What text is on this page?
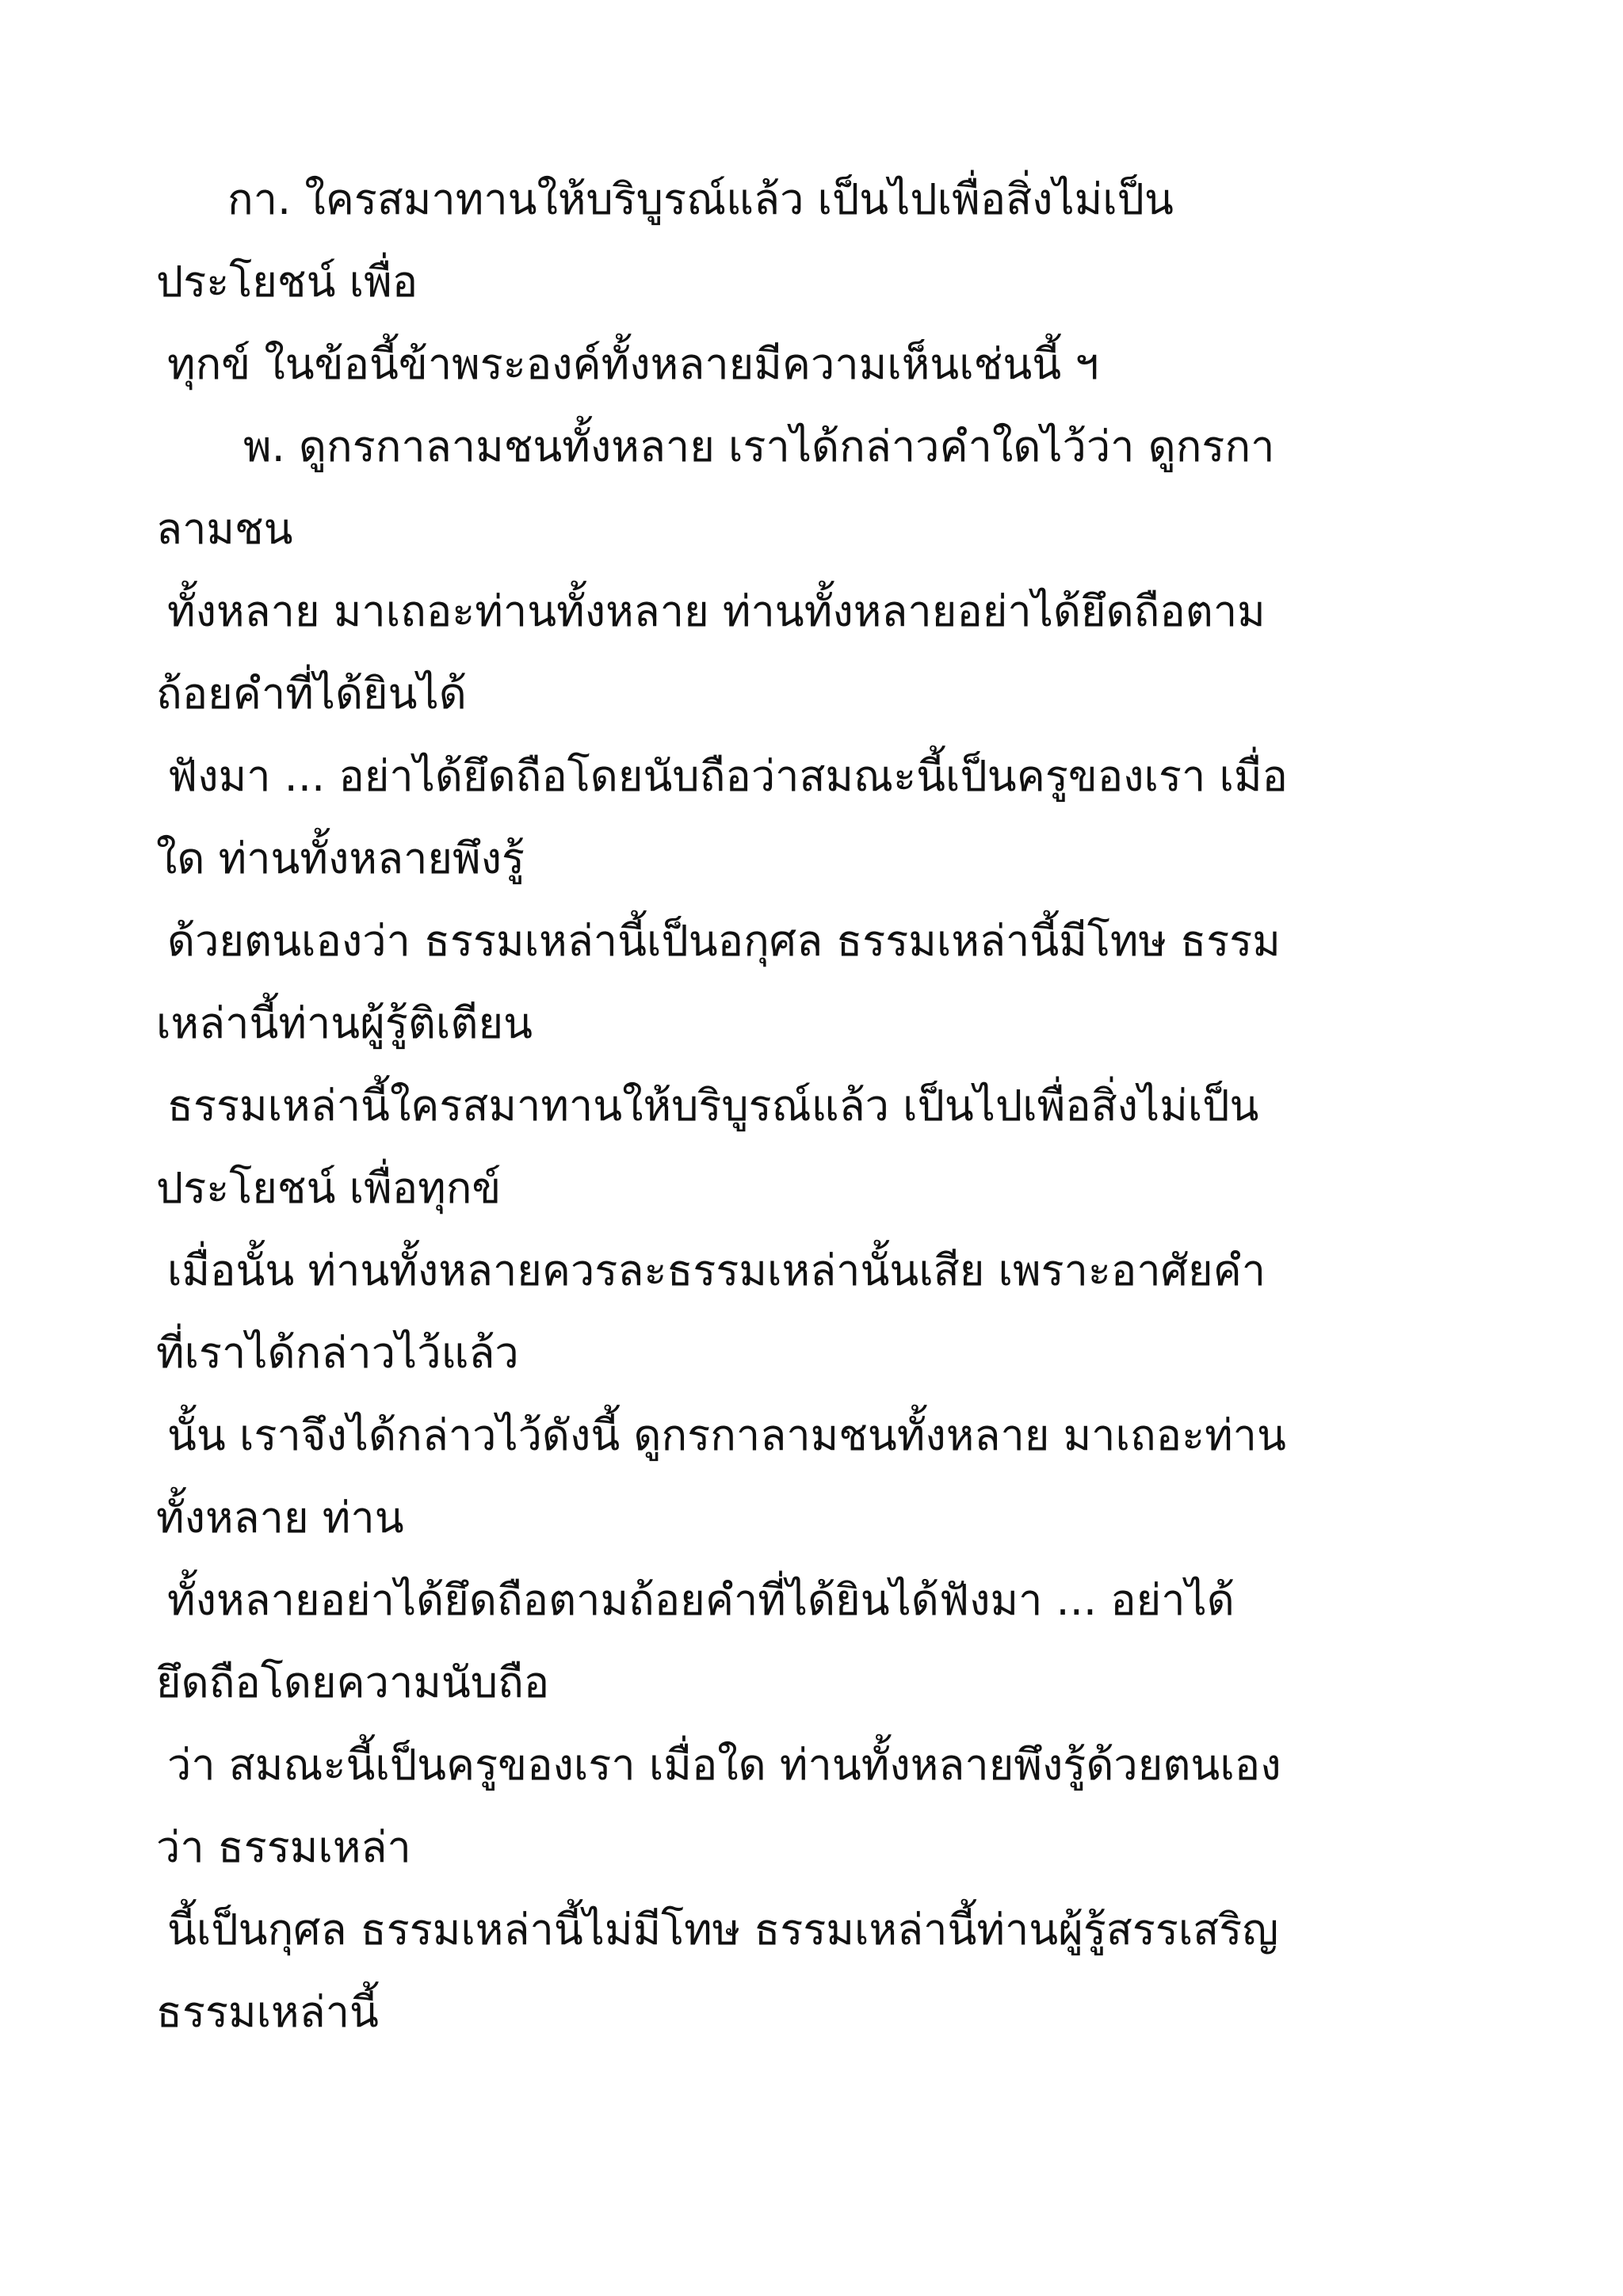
กา. ใครสมาทานให้บริบูรณ์แล้ว เป็นไปเพื่อสิ่งไม่เป็น
ประโยชน์ เพื่อ
ทุกข์ ในข้อนี้ข้าพระองค์ทั้งหลายมีความเห็นเช่นนี้ ฯ
พ. ดูกรกาลามชนทั้งหลาย เราได้กล่าวคำใดไว้ว่า ดูกรกา
ลามชน
ทั้งหลาย มาเถอะท่านทั้งหลาย ท่านทั้งหลายอย่าได้ยึดถือตาม
ถ้อยคำที่ได้ยินได้
ฟังมา ... อย่าได้ยึดถือโดยนับถือว่าสมณะนี้เป็นครูของเรา เมื่อ
ใด ท่านทั้งหลายพึงรู้
ด้วยตนเองว่า ธรรมเหล่านี้เป็นอกุศล ธรรมเหล่านี้มีโทษ ธรรม
เหล่านี้ท่านผู้รู้ติเตียน
ธรรมเหล่านี้ใครสมาทานให้บริบูรณ์แล้ว เป็นไปเพื่อสิ่งไม่เป็น
ประโยชน์ เพื่อทุกข์
เมื่อนั้น ท่านทั้งหลายควรละธรรมเหล่านั้นเสีย เพราะอาศัยคำ
ที่เราได้กล่าวไว้แล้ว
นั้น เราจึงได้กล่าวไว้ดังนี้ ดูกรกาลามชนทั้งหลาย มาเถอะท่าน
ทั้งหลาย ท่าน
ทั้งหลายอย่าได้ยึดถือตามถ้อยคำที่ได้ยินได้ฟังมา ... อย่าได้
ยึดถือโดยความนับถือ
ว่า สมณะนี้เป็นครูของเรา เมื่อใด ท่านทั้งหลายพึงรู้ด้วยตนเอง
ว่า ธรรมเหล่า
นี้เป็นกุศล ธรรมเหล่านี้ไม่มีโทษ ธรรมเหล่านี้ท่านผู้รู้สรรเสริญ
ธรรมเหล่านี้
